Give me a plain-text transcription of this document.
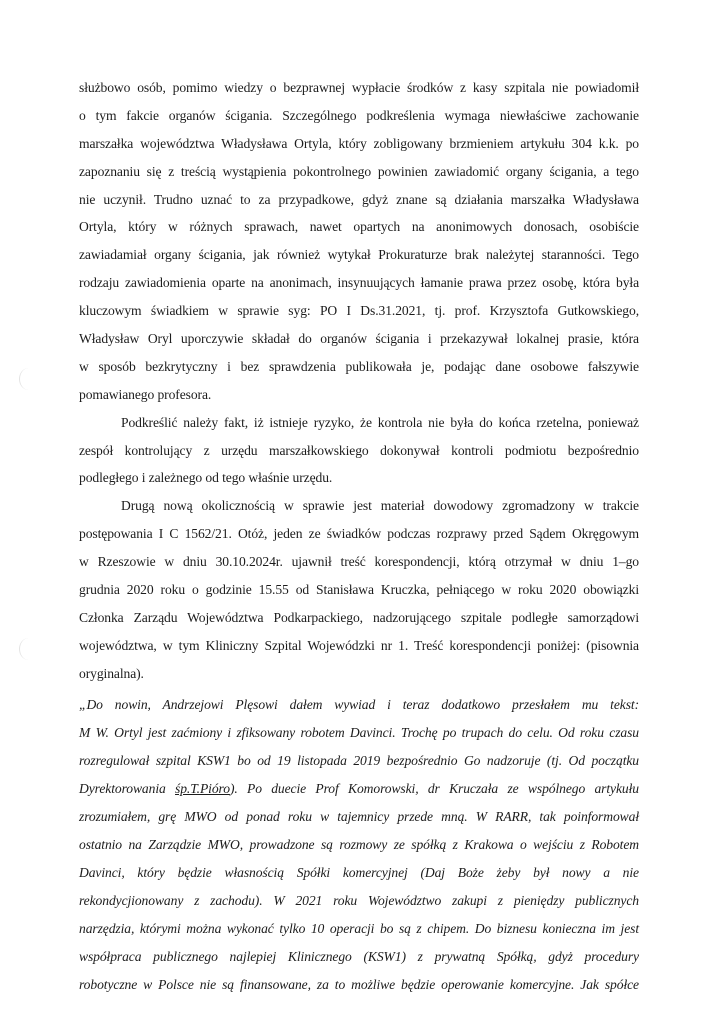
służbowo osób, pomimo wiedzy o bezprawnej wypłacie środków z kasy szpitala nie powiadomił
o tym fakcie organów ścigania. Szczególnego podkreślenia wymaga niewłaściwe zachowanie
marszałka województwa Władysława Ortyla, który zobligowany brzmieniem artykułu 304 k.k. po
zapoznaniu się z treścią wystąpienia pokontrolnego powinien zawiadomić organy ścigania, a tego
nie uczynił. Trudno uznać to za przypadkowe, gdyż znane są działania marszałka Władysława
Ortyla, który w różnych sprawach, nawet opartych na anonimowych donosach, osobiście
zawiadamiał organy ścigania, jak również wytykał Prokuraturze brak należytej staranności. Tego
rodzaju zawiadomienia oparte na anonimach, insynuujących łamanie prawa przez osobę, która była
kluczowym świadkiem w sprawie syg: PO I Ds.31.2021, tj. prof. Krzysztofa Gutkowskiego,
Władysław Oryl uporczywie składał do organów ścigania i przekazywał lokalnej prasie, która
w sposób bezkrytyczny i bez sprawdzenia publikowała je, podając dane osobowe fałszywie
pomawianego profesora.
Podkreślić należy fakt, iż istnieje ryzyko, że kontrola nie była do końca rzetelna, ponieważ
zespół kontrolujący z urzędu marszałkowskiego dokonywał kontroli podmiotu bezpośrednio
podległego i zależnego od tego właśnie urzędu.
Drugą nową okolicznością w sprawie jest materiał dowodowy zgromadzony w trakcie
postępowania I C 1562/21. Otóż, jeden ze świadków podczas rozprawy przed Sądem Okręgowym
w Rzeszowie w dniu 30.10.2024r. ujawnił treść korespondencji, którą otrzymał w dniu 1–go
grudnia 2020 roku o godzinie 15.55 od Stanisława Kruczka, pełniącego w roku 2020 obowiązki
Członka Zarządu Województwa Podkarpackiego, nadzorującego szpitale podległe samorządowi
województwa, w tym Kliniczny Szpital Wojewódzki nr 1. Treść korespondencji poniżej: (pisownia
oryginalna).
„Do nowin, Andrzejowi Plęsowi dałem wywiad i teraz dodatkowo przesłałem mu tekst:
M W. Ortyl jest zaćmiony i zfiksowany robotem Davinci. Trochę po trupach do celu. Od roku czasu
rozregulował szpital KSW1 bo od 19 listopada 2019 bezpośrednio Go nadzoruje (tj. Od początku
Dyrektorowania śp.T.Pióro). Po duecie Prof Komorowski, dr Kruczała ze wspólnego artykułu
zrozumiałem, grę MWO od ponad roku w tajemnicy przede mną. W RARR, tak poinformował
ostatnio na Zarządzie MWO, prowadzone są rozmowy ze spółką z Krakowa o wejściu z Robotem
Davinci, który będzie własnością Spółki komercyjnej (Daj Boże żeby był nowy a nie
rekondycjionowany z zachodu). W 2021 roku Województwo zakupi z pieniędzy publicznych
narzędzia, którymi można wykonać tylko 10 operacji bo są z chipem. Do biznesu konieczna im jest
współpraca publicznego najlepiej Klinicznego (KSW1) z prywatną Spółką, gdyż procedury
robotyczne w Polsce nie są finansowane, za to możliwe będzie operowanie komercyjne. Jak spółce
